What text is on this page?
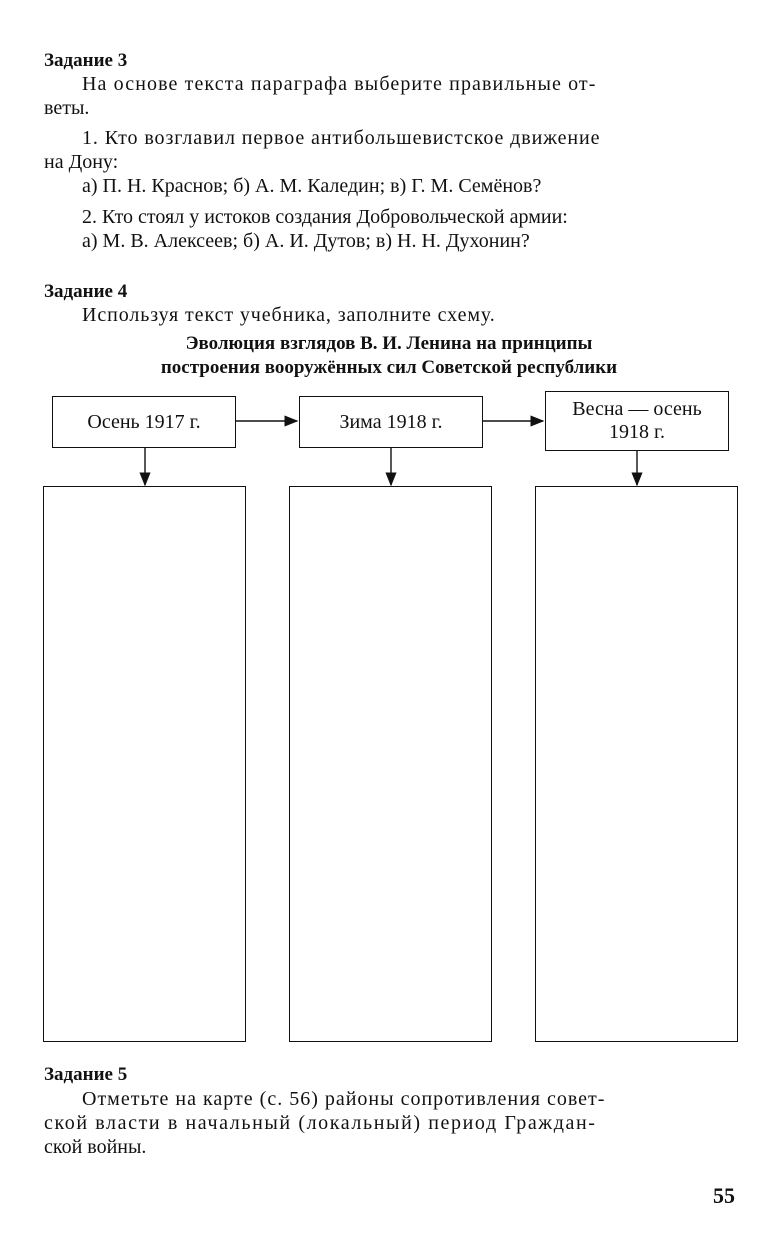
Задание 3
На основе текста параграфа выберите правильные от-
веты.
1. Кто возглавил первое антибольшевистское движение
на Дону:
а) П. Н. Краснов; б) А. М. Каледин; в) Г. М. Семёнов?
2. Кто стоял у истоков создания Добровольческой армии:
а) М. В. Алексеев; б) А. И. Дутов; в) Н. Н. Духонин?
Задание 4
Используя текст учебника, заполните схему.
Эволюция взглядов В. И. Ленина на принципы
построения вооружённых сил Советской республики
Осень 1917 г.	Зима 1918 г.
Весна — осень
1918 г.
Задание 5
Отметьте на карте (с. 56) районы сопротивления совет-
ской власти в начальный (локальный) период Граждан-
ской войны.
55
